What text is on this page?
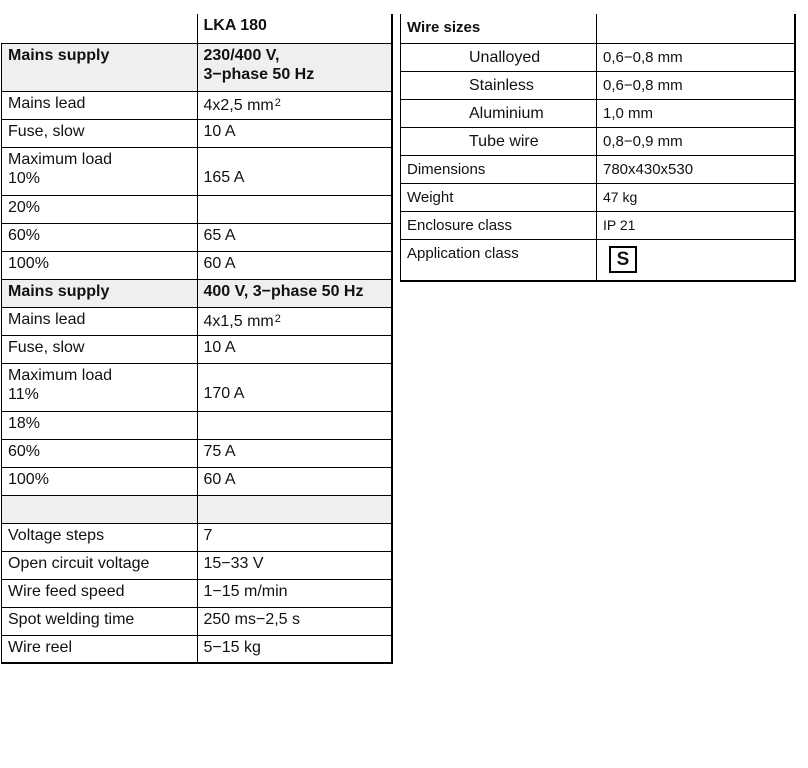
	LKA 180
Mains supply	230/400 V,
3−phase 50 Hz

Mains lead	4x2,5 $mm^2$
Fuse, slow	10 A

Maximum load
10%	165 A
20%	
60%	65 A
100%	60 A
Mains supply	400 V, 3−phase 50 Hz
Mains lead	4x1,5 $mm^2$
Fuse, slow	10 A

Maximum load
11%	170 A
18%	
60%	75 A
100%	60 A

Voltage steps	7
Open circuit voltage	15−33 V
Wire feed speed	1−15 m/min
Spot welding time	250 ms−2,5 s
Wire reel	5−15 kg
Wire sizes	
Unalloyed	0,6−0,8 mm
Stainless	0,6−0,8 mm
Aluminium	1,0 mm
Tube wire	0,8−0,9 mm
Dimensions	780x430x530
Weight	47 kg
Enclosure class	IP 21
Application class	S
